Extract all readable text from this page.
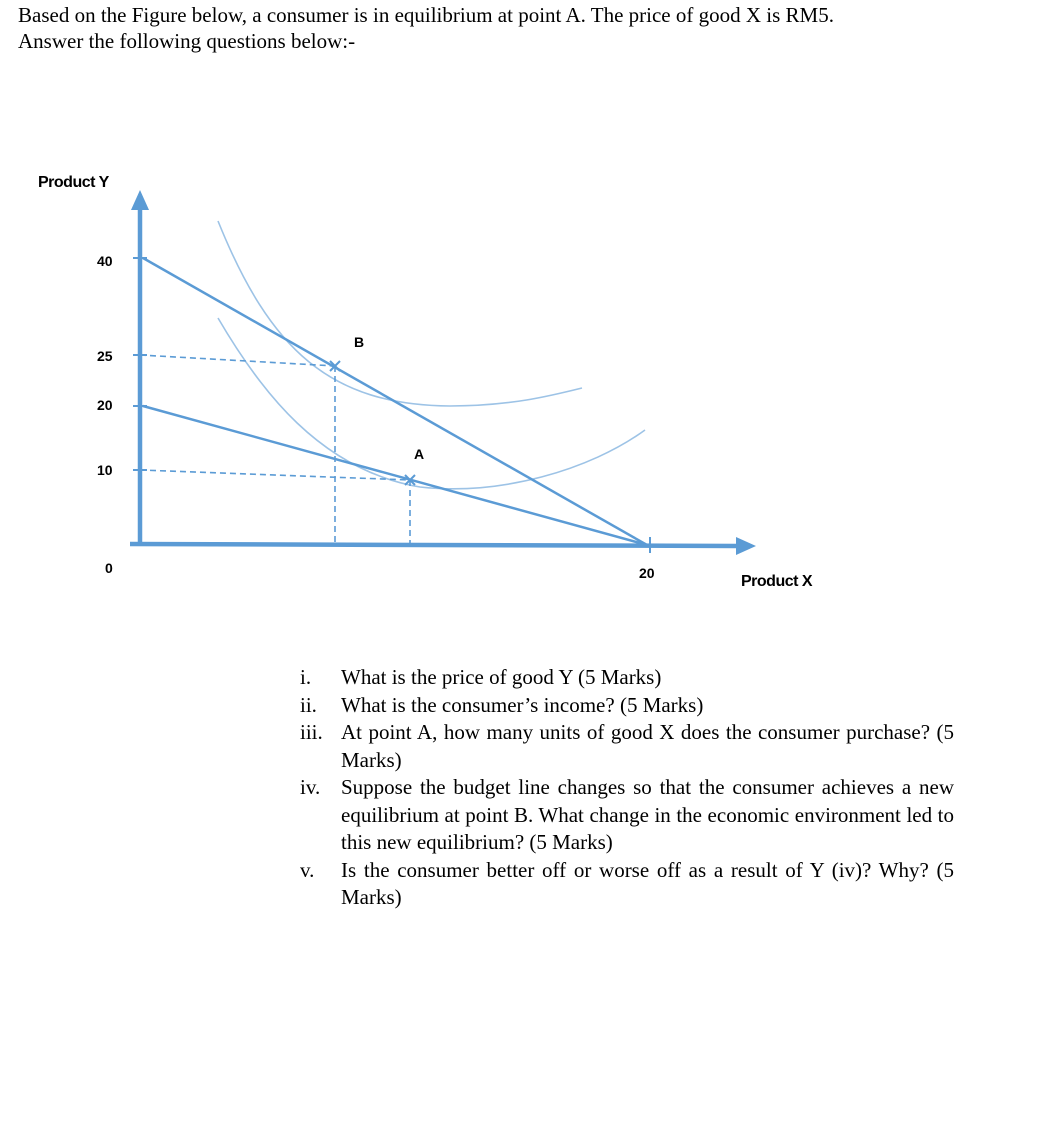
Based on the Figure below, a consumer is in equilibrium at point A. The price of good X is RM5.
Answer the following questions below:-
Product Y
Product X
40
25
20
10
0	20
B
A
i.	What is the price of good Y (5 Marks)
ii.	What is the consumer’s income? (5 Marks)
iii. At point A, how many units of good X does the consumer purchase? (5 Marks)
iv. Suppose the budget line changes so that the consumer achieves a new equilibrium at point B. What change in the economic environment led to this new equilibrium? (5 Marks)
v.	Is the consumer better off or worse off as a result of Y (iv)? Why? (5 Marks)
